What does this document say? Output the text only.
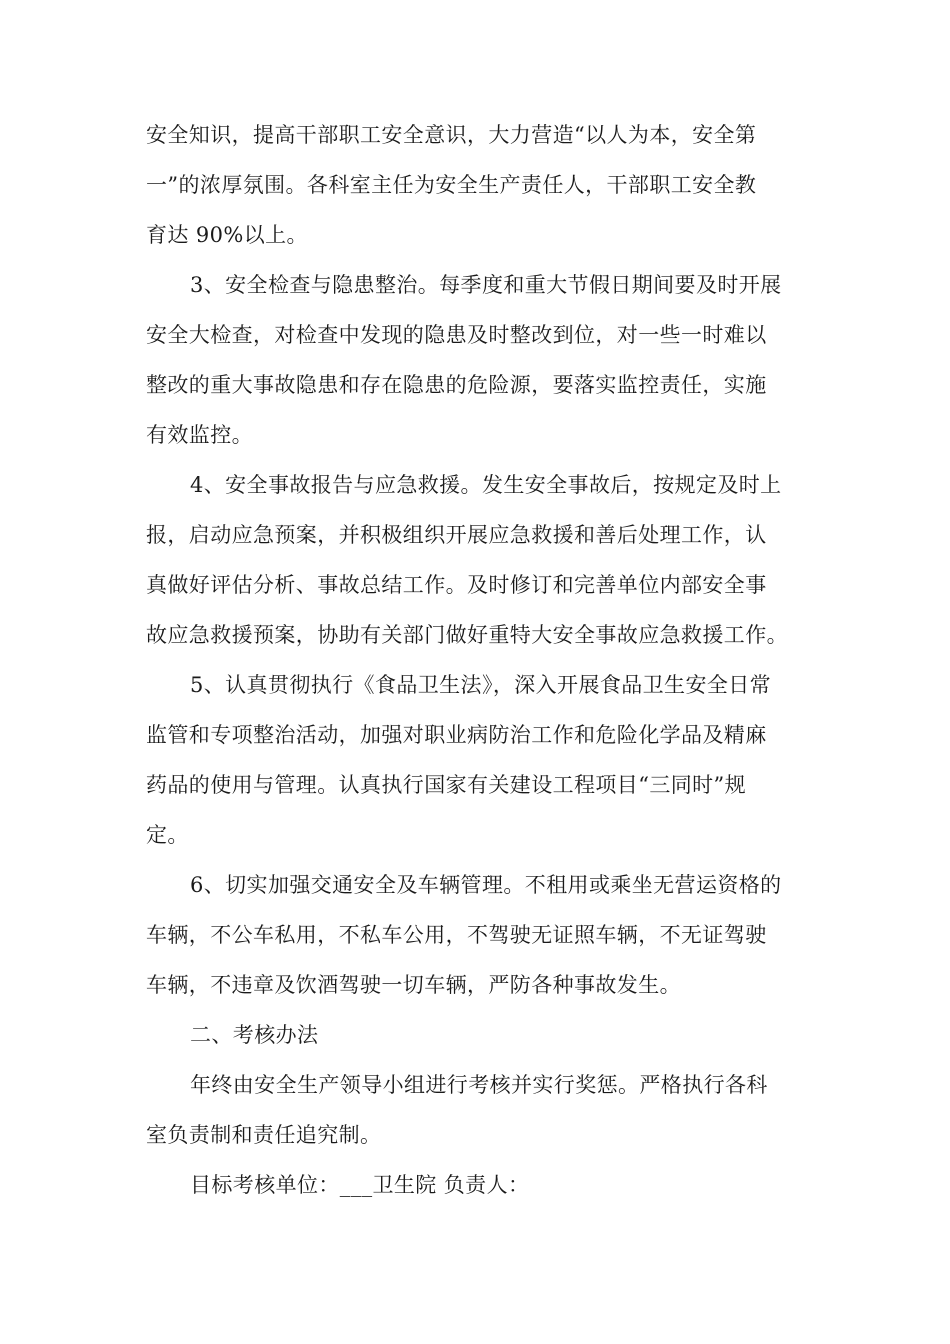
安全知识，提高干部职工安全意识，大力营造“以人为本，安全第
一”的浓厚氛围。各科室主任为安全生产责任人，干部职工安全教
育达 90%以上。
3、安全检查与隐患整治。每季度和重大节假日期间要及时开展
安全大检查，对检查中发现的隐患及时整改到位，对一些一时难以
整改的重大事故隐患和存在隐患的危险源，要落实监控责任，实施
有效监控。
4、安全事故报告与应急救援。发生安全事故后，按规定及时上
报，启动应急预案，并积极组织开展应急救援和善后处理工作，认
真做好评估分析、事故总结工作。及时修订和完善单位内部安全事
故应急救援预案，协助有关部门做好重特大安全事故应急救援工作。
5、认真贯彻执行《食品卫生法》，深入开展食品卫生安全日常
监管和专项整治活动，加强对职业病防治工作和危险化学品及精麻
药品的使用与管理。认真执行国家有关建设工程项目“三同时”规
定。
6、切实加强交通安全及车辆管理。不租用或乘坐无营运资格的
车辆，不公车私用，不私车公用，不驾驶无证照车辆，不无证驾驶
车辆，不违章及饮酒驾驶一切车辆，严防各种事故发生。
二、考核办法
年终由安全生产领导小组进行考核并实行奖惩。严格执行各科
室负责制和责任追究制。
目标考核单位：___卫生院 负责人：
